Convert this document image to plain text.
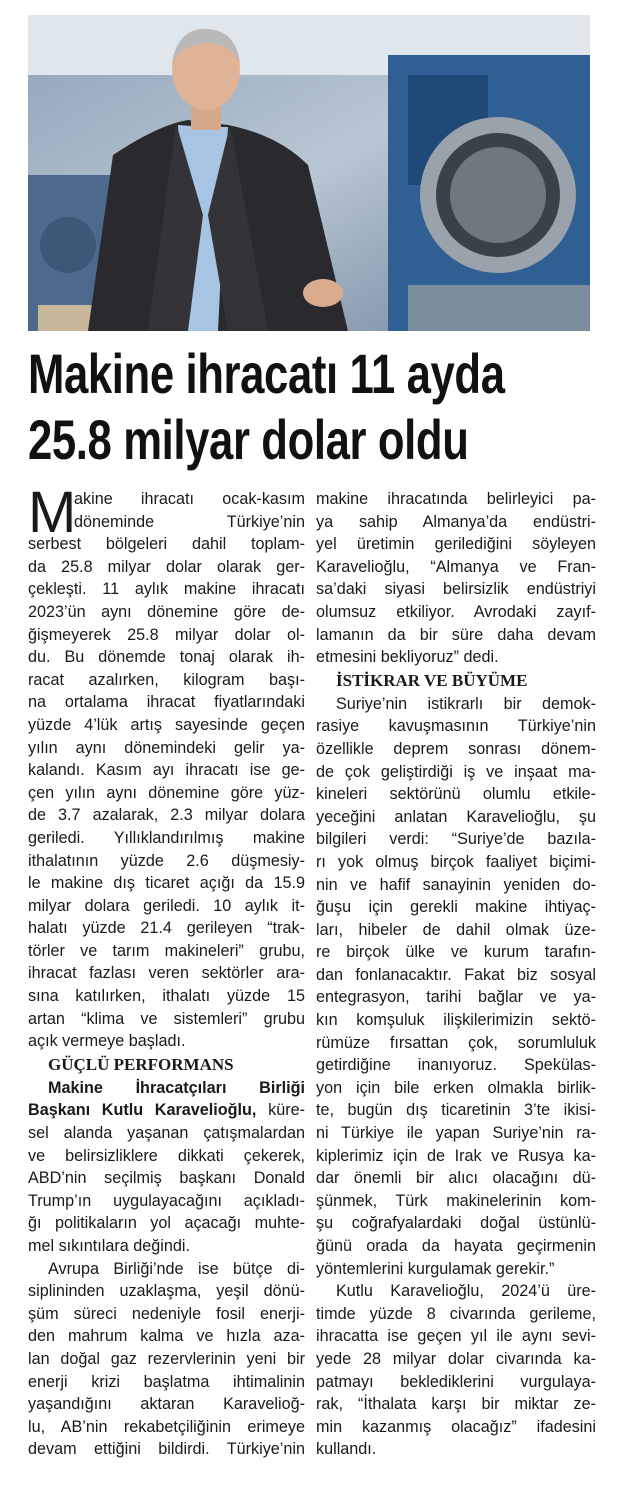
Makine ihracatı 11 ayda
25.8 milyar dolar oldu
M
akine ihracatı ocak-kasım
döneminde Türkiye’nin
serbest bölgeleri dahil toplam-
da 25.8 milyar dolar olarak ger-
çekleşti. 11 aylık makine ihracatı
2023’ün aynı dönemine göre de-
ğişmeyerek 25.8 milyar dolar ol-
du. Bu dönemde tonaj olarak ih-
racat azalırken, kilogram başı-
na ortalama ihracat fiyatlarındaki
yüzde 4’lük artış sayesinde geçen
yılın aynı dönemindeki gelir ya-
kalandı. Kasım ayı ihracatı ise ge-
çen yılın aynı dönemine göre yüz-
de 3.7 azalarak, 2.3 milyar dolara
geriledi. Yıllıklandırılmış makine
ithalatının yüzde 2.6 düşmesiy-
le makine dış ticaret açığı da 15.9
milyar dolara geriledi. 10 aylık it-
halatı yüzde 21.4 gerileyen “trak-
törler ve tarım makineleri” grubu,
ihracat fazlası veren sektörler ara-
sına katılırken, ithalatı yüzde 15
artan “klima ve sistemleri” grubu
açık vermeye başladı.
GÜÇLÜ PERFORMANS
Makine İhracatçıları Birliği
Başkanı Kutlu Karavelioğlu, küre-
sel alanda yaşanan çatışmalardan
ve belirsizliklere dikkati çekerek,
ABD’nin seçilmiş başkanı Donald
Trump’ın uygulayacağını açıkladı-
ğı politikaların yol açacağı muhte-
mel sıkıntılara değindi.
Avrupa Birliği’nde ise bütçe di-
siplininden uzaklaşma, yeşil dönü-
şüm süreci nedeniyle fosil enerji-
den mahrum kalma ve hızla aza-
lan doğal gaz rezervlerinin yeni bir
enerji krizi başlatma ihtimalinin
yaşandığını aktaran Karavelioğ-
lu, AB’nin rekabetçiliğinin erimeye
devam ettiğini bildirdi. Türkiye’nin
makine ihracatında belirleyici pa-
ya sahip Almanya’da endüstri-
yel üretimin gerilediğini söyleyen
Karavelioğlu, “Almanya ve Fran-
sa’daki siyasi belirsizlik endüstriyi
olumsuz etkiliyor. Avrodaki zayıf-
lamanın da bir süre daha devam
etmesini bekliyoruz” dedi.
İSTİKRAR VE BÜYÜME
Suriye’nin istikrarlı bir demok-
rasiye kavuşmasının Türkiye’nin
özellikle deprem sonrası dönem-
de çok geliştirdiği iş ve inşaat ma-
kineleri sektörünü olumlu etkile-
yeceğini anlatan Karavelioğlu, şu
bilgileri verdi: “Suriye’de bazıla-
rı yok olmuş birçok faaliyet biçimi-
nin ve hafif sanayinin yeniden do-
ğuşu için gerekli makine ihtiyaç-
ları, hibeler de dahil olmak üze-
re birçok ülke ve kurum tarafın-
dan fonlanacaktır. Fakat biz sosyal
entegrasyon, tarihi bağlar ve ya-
kın komşuluk ilişkilerimizin sektö-
rümüze fırsattan çok, sorumluluk
getirdiğine inanıyoruz. Spekülas-
yon için bile erken olmakla birlik-
te, bugün dış ticaretinin 3’te ikisi-
ni Türkiye ile yapan Suriye’nin ra-
kiplerimiz için de Irak ve Rusya ka-
dar önemli bir alıcı olacağını dü-
şünmek, Türk makinelerinin kom-
şu coğrafyalardaki doğal üstünlü-
ğünü orada da hayata geçirmenin
yöntemlerini kurgulamak gerekir.”
Kutlu Karavelioğlu, 2024’ü üre-
timde yüzde 8 civarında gerileme,
ihracatta ise geçen yıl ile aynı sevi-
yede 28 milyar dolar civarında ka-
patmayı beklediklerini vurgulaya-
rak, “İthalata karşı bir miktar ze-
min kazanmış olacağız” ifadesini
kullandı.
